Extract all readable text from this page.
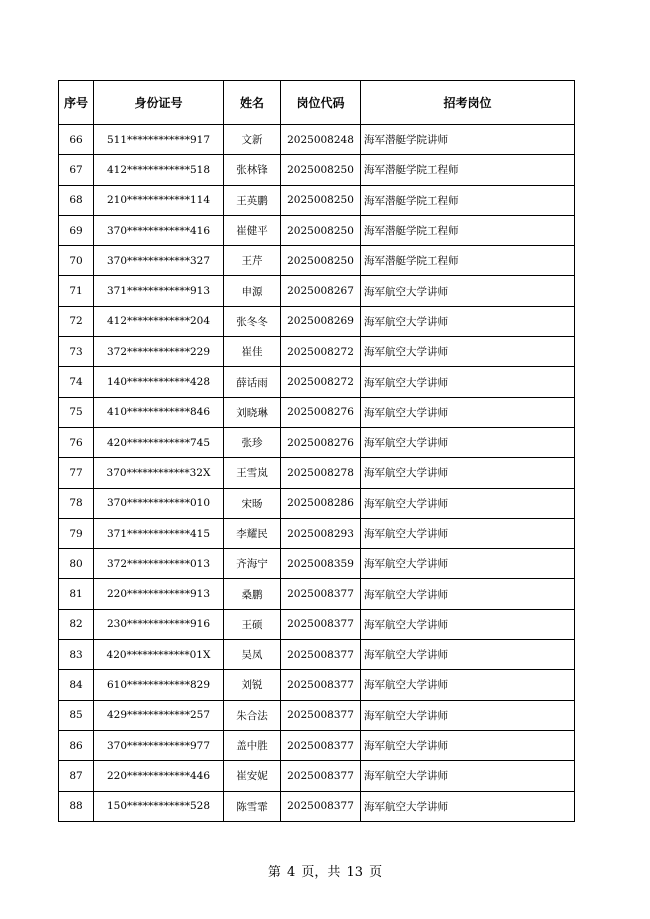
序号	身份证号	姓名	岗位代码	招考岗位
66	511************917	文新	2025008248	海军潜艇学院讲师
67	412************518	张林锋	2025008250	海军潜艇学院工程师
68	210************114	王英鹏	2025008250	海军潜艇学院工程师
69	370************416	崔健平	2025008250	海军潜艇学院工程师
70	370************327	王芹	2025008250	海军潜艇学院工程师
71	371************913	申源	2025008267	海军航空大学讲师
72	412************204	张冬冬	2025008269	海军航空大学讲师
73	372************229	崔佳	2025008272	海军航空大学讲师
74	140************428	薛话雨	2025008272	海军航空大学讲师
75	410************846	刘晓琳	2025008276	海军航空大学讲师
76	420************745	张珍	2025008276	海军航空大学讲师
77	370************32X	王雪岚	2025008278	海军航空大学讲师
78	370************010	宋旸	2025008286	海军航空大学讲师
79	371************415	李耀民	2025008293	海军航空大学讲师
80	372************013	齐海宁	2025008359	海军航空大学讲师
81	220************913	桑鹏	2025008377	海军航空大学讲师
82	230************916	王硕	2025008377	海军航空大学讲师
83	420************01X	吴凤	2025008377	海军航空大学讲师
84	610************829	刘锐	2025008377	海军航空大学讲师
85	429************257	朱合法	2025008377	海军航空大学讲师
86	370************977	盖中胜	2025008377	海军航空大学讲师
87	220************446	崔安妮	2025008377	海军航空大学讲师
88	150************528	陈雪霏	2025008377	海军航空大学讲师
第 4 页，共 13 页
